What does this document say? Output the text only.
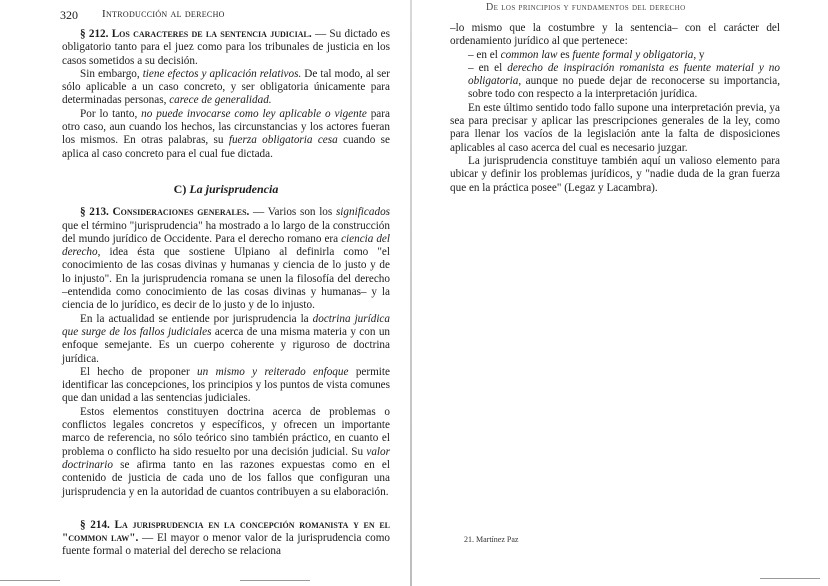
320 Introducción al derecho

§ 212. Los caracteres de la sentencia judicial. — Su dictado es obligatorio tanto para el juez como para los tribunales de justicia en los casos sometidos a su decisión.

Sin embargo, tiene efectos y aplicación relativos. De tal modo, al ser sólo aplicable a un caso concreto, y ser obligatoria únicamente para determinadas personas, carece de generalidad.

Por lo tanto, no puede invocarse como ley aplicable o vigente para otro caso, aun cuando los hechos, las circunstancias y los actores fueran los mismos. En otras palabras, su fuerza obligatoria cesa cuando se aplica al caso concreto para el cual fue dictada.

C) La jurisprudencia

§ 213. Consideraciones generales. — Varios son los significados que el término "jurisprudencia" ha mostrado a lo largo de la construcción del mundo jurídico de Occidente. Para el derecho romano era ciencia del derecho, idea ésta que sostiene Ulpiano al definirla como "el conocimiento de las cosas divinas y humanas y ciencia de lo justo y de lo injusto". En la jurisprudencia romana se unen la filosofía del derecho –entendida como conocimiento de las cosas divinas y humanas– y la ciencia de lo jurídico, es decir de lo justo y de lo injusto.

En la actualidad se entiende por jurisprudencia la doctrina jurídica que surge de los fallos judiciales acerca de una misma materia y con un enfoque semejante. Es un cuerpo coherente y riguroso de doctrina jurídica.

El hecho de proponer un mismo y reiterado enfoque permite identificar las concepciones, los principios y los puntos de vista comunes que dan unidad a las sentencias judiciales.

Estos elementos constituyen doctrina acerca de problemas o conflictos legales concretos y específicos, y ofrecen un importante marco de referencia, no sólo teórico sino también práctico, en cuanto el problema o conflicto ha sido resuelto por una decisión judicial. Su valor doctrinario se afirma tanto en las razones expuestas como en el contenido de justicia de cada uno de los fallos que configuran una jurisprudencia y en la autoridad de cuantos contribuyen a su elaboración.

§ 214. La jurisprudencia en la concepción romanista y en el "common law". — El mayor o menor valor de la jurisprudencia como fuente formal o material del derecho se relaciona

De los principios y fundamentos del derecho

–lo mismo que la costumbre y la sentencia– con el carácter del ordenamiento jurídico al que pertenece:

– en el common law es fuente formal y obligatoria, y

– en el derecho de inspiración romanista es fuente material y no obligatoria, aunque no puede dejar de reconocerse su importancia, sobre todo con respecto a la interpretación jurídica.

En este último sentido todo fallo supone una interpretación previa, ya sea para precisar y aplicar las prescripciones generales de la ley, como para llenar los vacíos de la legislación ante la falta de disposiciones aplicables al caso acerca del cual es necesario juzgar.

La jurisprudencia constituye también aquí un valioso elemento para ubicar y definir los problemas jurídicos, y "nadie duda de la gran fuerza que en la práctica posee" (Legaz y Lacambra).

21. Martínez Paz
